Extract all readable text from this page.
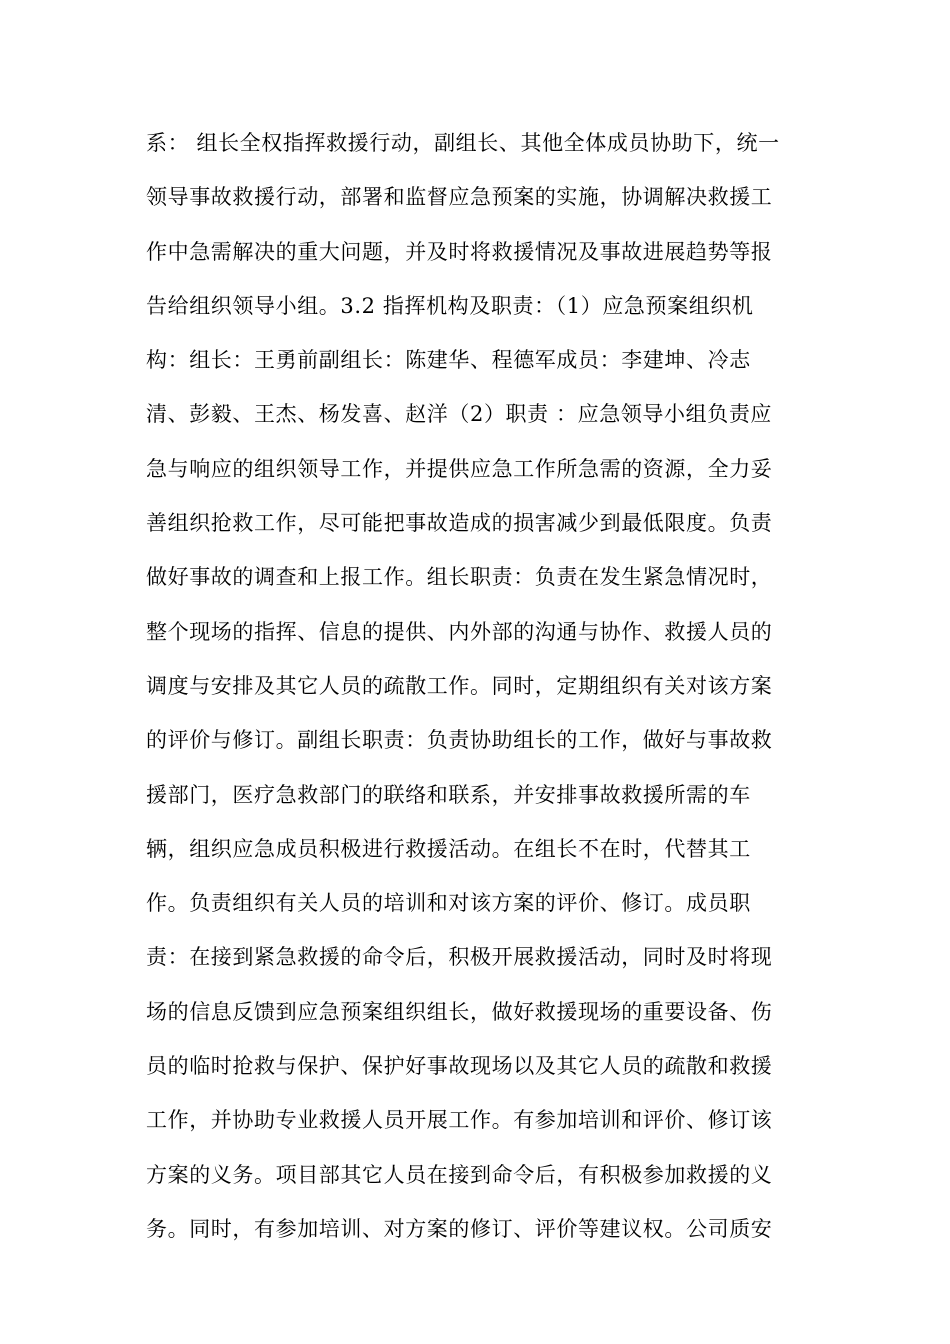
系： 组长全权指挥救援行动，副组长、其他全体成员协助下，统一
领导事故救援行动，部署和监督应急预案的实施，协调解决救援工
作中急需解决的重大问题，并及时将救援情况及事故进展趋势等报
告给组织领导小组。3.2 指挥机构及职责：（1）应急预案组织机
构：组长：王勇前副组长：陈建华、程德军成员：李建坤、冷志
清、彭毅、王杰、杨发喜、赵洋（2）职责 ：应急领导小组负责应
急与响应的组织领导工作，并提供应急工作所急需的资源，全力妥
善组织抢救工作，尽可能把事故造成的损害减少到最低限度。负责
做好事故的调查和上报工作。组长职责：负责在发生紧急情况时，
整个现场的指挥、信息的提供、内外部的沟通与协作、救援人员的
调度与安排及其它人员的疏散工作。同时，定期组织有关对该方案
的评价与修订。副组长职责：负责协助组长的工作，做好与事故救
援部门，医疗急救部门的联络和联系，并安排事故救援所需的车
辆，组织应急成员积极进行救援活动。在组长不在时，代替其工
作。负责组织有关人员的培训和对该方案的评价、修订。成员职
责：在接到紧急救援的命令后，积极开展救援活动，同时及时将现
场的信息反馈到应急预案组织组长，做好救援现场的重要设备、伤
员的临时抢救与保护、保护好事故现场以及其它人员的疏散和救援
工作，并协助专业救援人员开展工作。有参加培训和评价、修订该
方案的义务。项目部其它人员在接到命令后，有积极参加救援的义
务。同时，有参加培训、对方案的修订、评价等建议权。公司质安
